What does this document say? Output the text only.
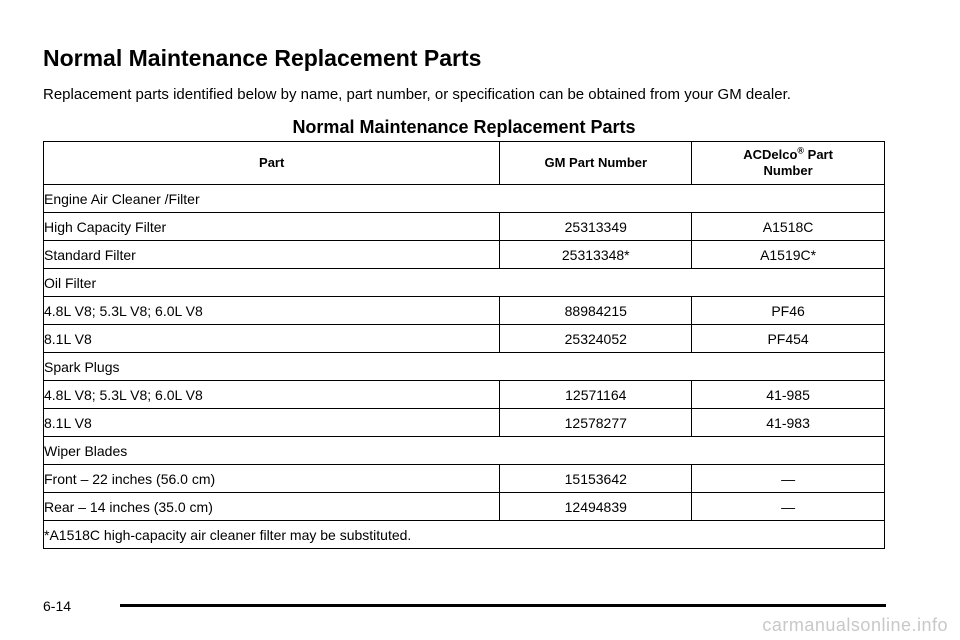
Normal Maintenance Replacement Parts

Replacement parts identified below by name, part number, or specification can be obtained from your GM dealer.

Normal Maintenance Replacement Parts
Part	GM Part Number	ACDelco® Part
Number
Engine Air Cleaner /Filter		
High Capacity Filter	25313349	A1518C
Standard Filter	25313348*	A1519C*
Oil Filter		
4.8L V8; 5.3L V8; 6.0L V8	88984215	PF46
8.1L V8	25324052	PF454
Spark Plugs		
4.8L V8; 5.3L V8; 6.0L V8	12571164	41-985
8.1L V8	12578277	41-983
Wiper Blades		
Front – 22 inches (56.0 cm)	15153642	—
Rear – 14 inches (35.0 cm)	12494839	—
*A1518C high-capacity air cleaner filter may be substituted.		
6-14
carmanualsonline.info
